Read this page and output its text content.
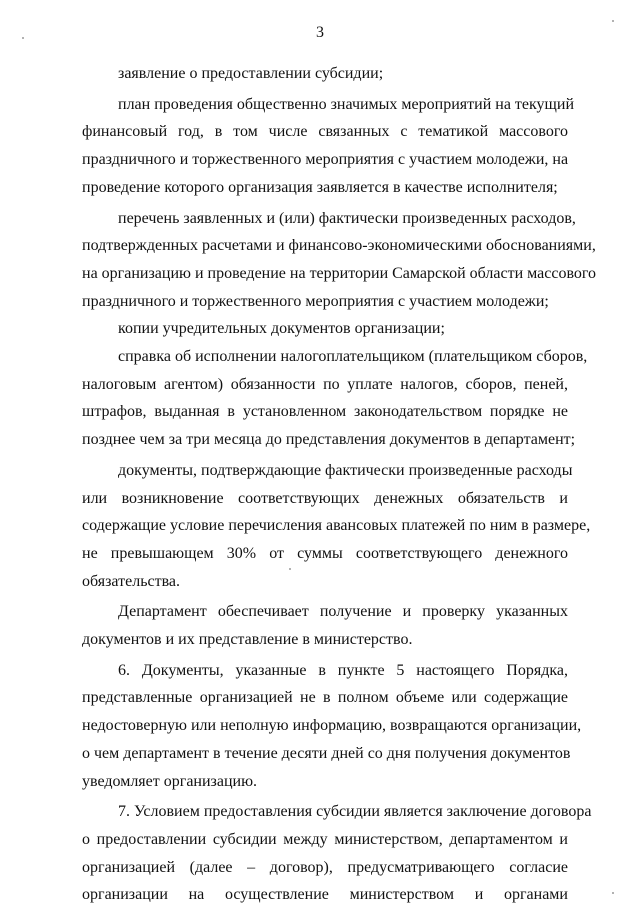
3

заявление о предоставлении субсидии;

план проведения общественно значимых мероприятий на текущий
финансовый год, в том числе связанных с тематикой массового
праздничного и торжественного мероприятия с участием молодежи, на
проведение которого организация заявляется в качестве исполнителя;

перечень заявленных и (или) фактически произведенных расходов,
подтвержденных расчетами и финансово-экономическими обоснованиями,
на организацию и проведение на территории Самарской области массового
праздничного и торжественного мероприятия с участием молодежи;

копии учредительных документов организации;

справка об исполнении налогоплательщиком (плательщиком сборов,
налоговым агентом) обязанности по уплате налогов, сборов, пеней,
штрафов, выданная в установленном законодательством порядке не
позднее чем за три месяца до представления документов в департамент;

документы, подтверждающие фактически произведенные расходы
или возникновение соответствующих денежных обязательств и
содержащие условие перечисления авансовых платежей по ним в размере,
не превышающем 30% от суммы соответствующего денежного
обязательства.

Департамент обеспечивает получение и проверку указанных
документов и их представление в министерство.

6. Документы, указанные в пункте 5 настоящего Порядка,
представленные организацией не в полном объеме или содержащие
недостоверную или неполную информацию, возвращаются организации,
о чем департамент в течение десяти дней со дня получения документов
уведомляет организацию.

7. Условием предоставления субсидии является заключение договора
о предоставлении субсидии между министерством, департаментом и
организацией (далее – договор), предусматривающего согласие
организации на осуществление министерством и органами
